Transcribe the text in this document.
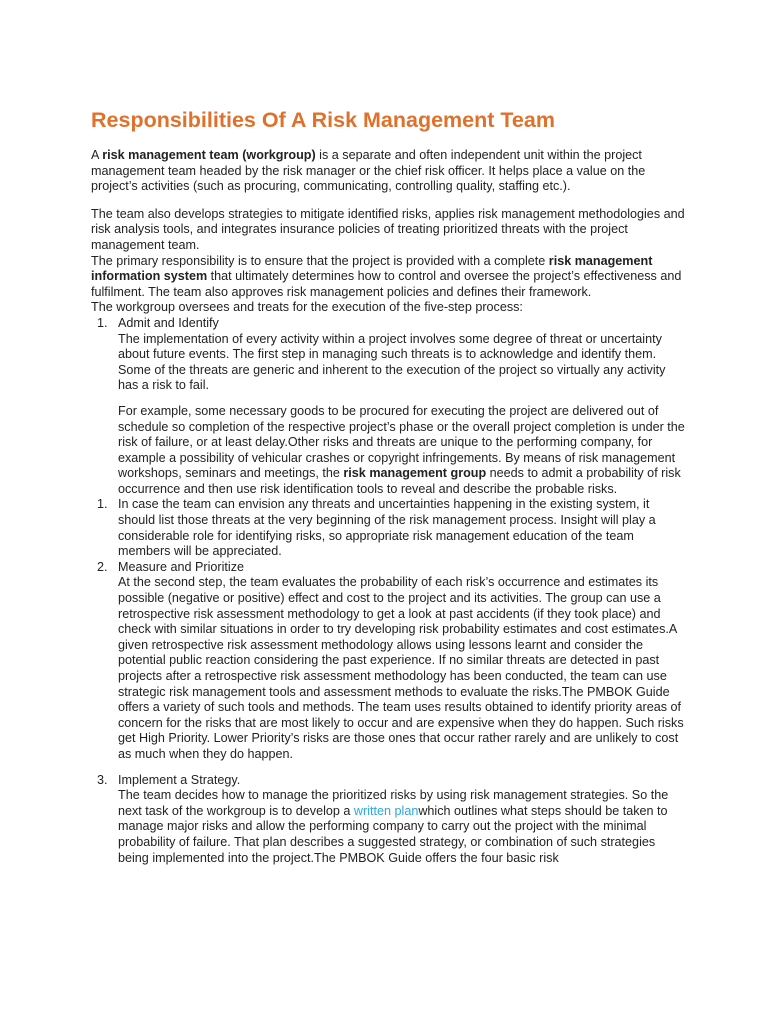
Responsibilities Of A Risk Management Team

A risk management team (workgroup) is a separate and often independent unit within the project management team headed by the risk manager or the chief risk officer. It helps place a value on the project’s activities (such as procuring, communicating, controlling quality, staffing etc.).

The team also develops strategies to mitigate identified risks, applies risk management methodologies and risk analysis tools, and integrates insurance policies of treating prioritized threats with the project management team.

The primary responsibility is to ensure that the project is provided with a complete risk management information system that ultimately determines how to control and oversee the project’s effectiveness and fulfilment. The team also approves risk management policies and defines their framework.

The workgroup oversees and treats for the execution of the five-step process:

1. Admit and Identify

The implementation of every activity within a project involves some degree of threat or uncertainty about future events. The first step in managing such threats is to acknowledge and identify them. Some of the threats are generic and inherent to the execution of the project so virtually any activity has a risk to fail.

For example, some necessary goods to be procured for executing the project are delivered out of schedule so completion of the respective project’s phase or the overall project completion is under the risk of failure, or at least delay.Other risks and threats are unique to the performing company, for example a possibility of vehicular crashes or copyright infringements. By means of risk management workshops, seminars and meetings, the risk management group needs to admit a probability of risk occurrence and then use risk identification tools to reveal and describe the probable risks.

1. In case the team can envision any threats and uncertainties happening in the existing system, it should list those threats at the very beginning of the risk management process. Insight will play a considerable role for identifying risks, so appropriate risk management education of the team members will be appreciated.

2. Measure and Prioritize

At the second step, the team evaluates the probability of each risk’s occurrence and estimates its possible (negative or positive) effect and cost to the project and its activities. The group can use a retrospective risk assessment methodology to get a look at past accidents (if they took place) and check with similar situations in order to try developing risk probability estimates and cost estimates.A given retrospective risk assessment methodology allows using lessons learnt and consider the potential public reaction considering the past experience. If no similar threats are detected in past projects after a retrospective risk assessment methodology has been conducted, the team can use strategic risk management tools and assessment methods to evaluate the risks.The PMBOK Guide offers a variety of such tools and methods. The team uses results obtained to identify priority areas of concern for the risks that are most likely to occur and are expensive when they do happen. Such risks get High Priority. Lower Priority’s risks are those ones that occur rather rarely and are unlikely to cost as much when they do happen.

3. Implement a Strategy.

The team decides how to manage the prioritized risks by using risk management strategies. So the next task of the workgroup is to develop a written planwhich outlines what steps should be taken to manage major risks and allow the performing company to carry out the project with the minimal probability of failure. That plan describes a suggested strategy, or combination of such strategies being implemented into the project.The PMBOK Guide offers the four basic risk
